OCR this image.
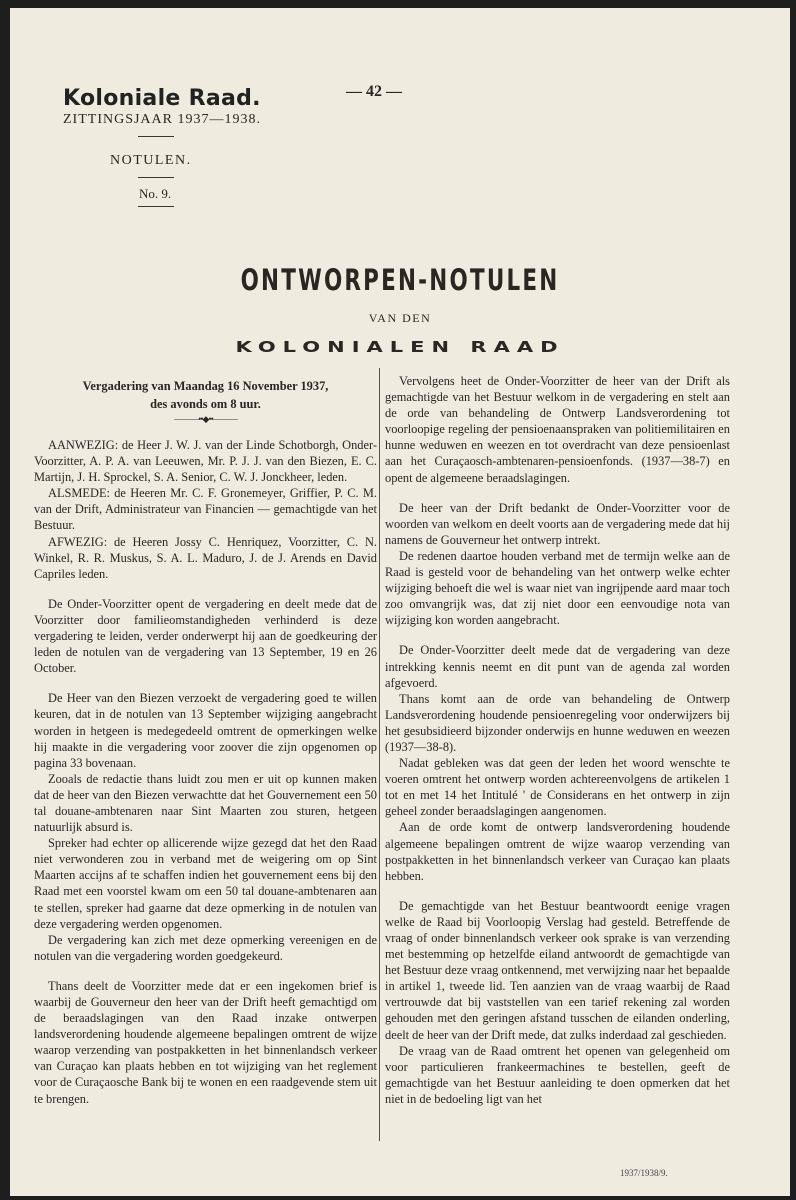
Koloniale Raad.
ZITTINGSJAAR 1937—1938.
— 42 —
NOTULEN.
No. 9.
ONTWORPEN-NOTULEN
VAN DEN
KOLONIALEN RAAD

Vergadering van Maandag 16 November 1937,

des avonds om 8 uur.

———••◆••———

AANWEZIG: de Heer J. W. J. van der Linde Schotborgh, Onder-Voorzitter, A. P. A. van Leeuwen, Mr. P. J. J. van den Biezen, E. C. Martijn, J. H. Sprockel, S. A. Senior, C. W. J. Jonckheer, leden.

ALSMEDE: de Heeren Mr. C. F. Gronemeyer, Griffier, P. C. M. van der Drift, Administrateur van Financien — gemachtigde van het Bestuur.

AFWEZIG: de Heeren Jossy C. Henriquez, Voorzitter, C. N. Winkel, R. R. Muskus, S. A. L. Maduro, J. de J. Arends en David Capriles leden.

De Onder-Voorzitter opent de vergadering en deelt mede dat de Voorzitter door familieomstandigheden verhinderd is deze vergadering te leiden, verder onderwerpt hij aan de goedkeuring der leden de notulen van de vergadering van 13 September, 19 en 26 October.

De Heer van den Biezen verzoekt de vergadering goed te willen keuren, dat in de notulen van 13 September wijziging aangebracht worden in hetgeen is medegedeeld omtrent de opmerkingen welke hij maakte in die vergadering voor zoover die zijn opgenomen op pagina 33 bovenaan.

Zooals de redactie thans luidt zou men er uit op kunnen maken dat de heer van den Biezen verwachtte dat het Gouvernement een 50 tal douane-ambtenaren naar Sint Maarten zou sturen, hetgeen natuurlijk absurd is.

Spreker had echter op allicerende wijze gezegd dat het den Raad niet verwonderen zou in verband met de weigering om op Sint Maarten accijns af te schaffen indien het gouvernement eens bij den Raad met een voorstel kwam om een 50 tal douane-ambtenaren aan te stellen, spreker had gaarne dat deze opmerking in de notulen van deze vergadering werden opgenomen.

De vergadering kan zich met deze opmerking vereenigen en de notulen van die vergadering worden goedgekeurd.

Thans deelt de Voorzitter mede dat er een ingekomen brief is waarbij de Gouverneur den heer van der Drift heeft gemachtigd om de beraadslagingen van den Raad inzake ontwerpen landsverordening houdende algemeene bepalingen omtrent de wijze waarop verzending van postpakketten in het binnenlandsch verkeer van Curaçao kan plaats hebben en tot wijziging van het reglement voor de Curaçaosche Bank bij te wonen en een raadgevende stem uit te brengen.

Vervolgens heet de Onder-Voorzitter de heer van der Drift als gemachtigde van het Bestuur welkom in de vergadering en stelt aan de orde van behandeling de Ontwerp Landsverordening tot voorloopige regeling der pensioenaanspraken van politiemilitairen en hunne weduwen en weezen en tot overdracht van deze pensioenlast aan het Curaçaosch-ambtenaren-pensioenfonds. (1937—38-7) en opent de algemeene beraadslagingen.

De heer van der Drift bedankt de Onder-Voorzitter voor de woorden van welkom en deelt voorts aan de vergadering mede dat hij namens de Gouverneur het ontwerp intrekt.

De redenen daartoe houden verband met de termijn welke aan de Raad is gesteld voor de behandeling van het ontwerp welke echter wijziging behoeft die wel is waar niet van ingrijpende aard maar toch zoo omvangrijk was, dat zij niet door een eenvoudige nota van wijziging kon worden aangebracht.

De Onder-Voorzitter deelt mede dat de vergadering van deze intrekking kennis neemt en dit punt van de agenda zal worden afgevoerd.

Thans komt aan de orde van behandeling de Ontwerp Landsverordening houdende pensioenregeling voor onderwijzers bij het gesubsidieerd bijzonder onderwijs en hunne weduwen en weezen (1937—38-8).

Nadat gebleken was dat geen der leden het woord wenschte te voeren omtrent het ontwerp worden achtereenvolgens de artikelen 1 tot en met 14 het Intitulé ' de Considerans en het ontwerp in zijn geheel zonder beraadslagingen aangenomen.

Aan de orde komt de ontwerp landsverordening houdende algemeene bepalingen omtrent de wijze waarop verzending van postpakketten in het binnenlandsch verkeer van Curaçao kan plaats hebben.

De gemachtigde van het Bestuur beantwoordt eenige vragen welke de Raad bij Voorloopig Verslag had gesteld. Betreffende de vraag of onder binnenlandsch verkeer ook sprake is van verzending met bestemming op hetzelfde eiland antwoordt de gemachtigde van het Bestuur deze vraag ontkennend, met verwijzing naar het bepaalde in artikel 1, tweede lid. Ten aanzien van de vraag waarbij de Raad vertrouwde dat bij vaststellen van een tarief rekening zal worden gehouden met den geringen afstand tusschen de eilanden onderling, deelt de heer van der Drift mede, dat zulks inderdaad zal geschieden.

De vraag van de Raad omtrent het openen van gelegenheid om voor particulieren frankeermachines te bestellen, geeft de gemachtigde van het Bestuur aanleiding te doen opmerken dat het niet in de bedoeling ligt van het

1937/1938/9.
